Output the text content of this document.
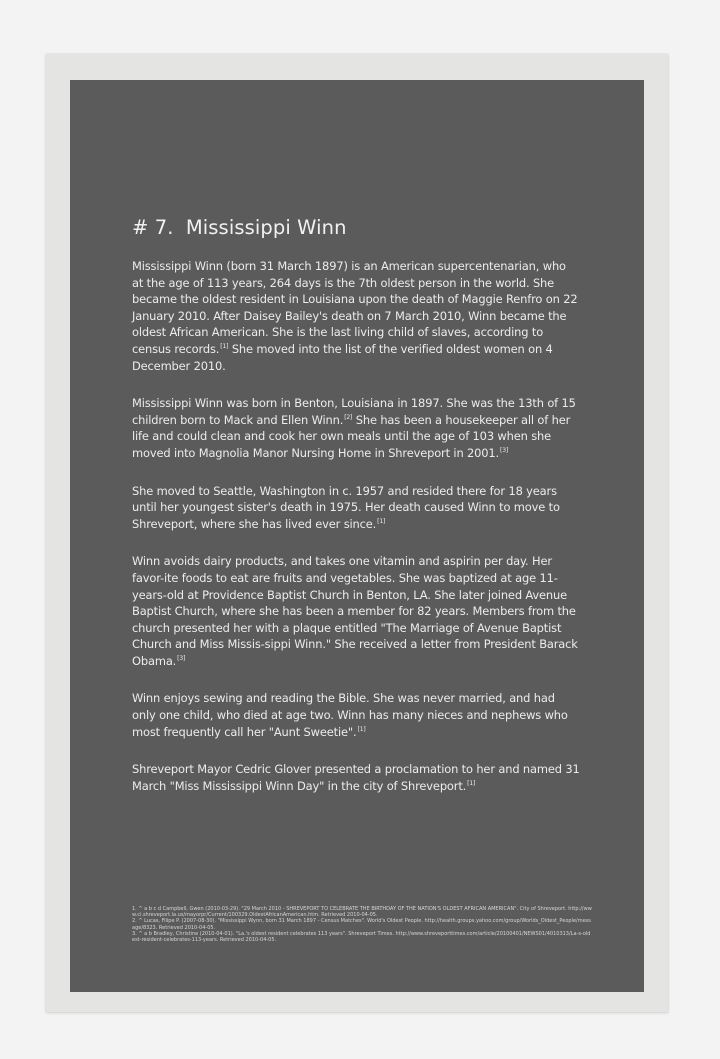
# 7. Mississippi Winn

Mississippi Winn (born 31 March 1897) is an American supercentenarian, who at the age of 113 years, 264 days is the 7th oldest person in the world. She became the oldest resident in Louisiana upon the death of Maggie Renfro on 22 January 2010. After Daisey Bailey's death on 7 March 2010, Winn became the oldest African American. She is the last living child of slaves, according to census records.[1] She moved into the list of the verified oldest women on 4 December 2010.

Mississippi Winn was born in Benton, Louisiana in 1897. She was the 13th of 15 children born to Mack and Ellen Winn.[2] She has been a housekeeper all of her life and could clean and cook her own meals until the age of 103 when she moved into Magnolia Manor Nursing Home in Shreveport in 2001.[3]

She moved to Seattle, Washington in c. 1957 and resided there for 18 years until her youngest sister's death in 1975. Her death caused Winn to move to Shreveport, where she has lived ever since.[1]

Winn avoids dairy products, and takes one vitamin and aspirin per day. Her favor-ite foods to eat are fruits and vegetables. She was baptized at age 11-years-old at Providence Baptist Church in Benton, LA. She later joined Avenue Baptist Church, where she has been a member for 82 years. Members from the church presented her with a plaque entitled "The Marriage of Avenue Baptist Church and Miss Missis-sippi Winn." She received a letter from President Barack Obama.[3]

Winn enjoys sewing and reading the Bible. She was never married, and had only one child, who died at age two. Winn has many nieces and nephews who most frequently call her "Aunt Sweetie".[1]

Shreveport Mayor Cedric Glover presented a proclamation to her and named 31 March "Miss Mississippi Winn Day" in the city of Shreveport.[1]

1. ^ a b c d Campbell, Gwen (2010-03-29). "29 March 2010 - SHREVEPORT TO CELEBRATE THE BIRTHDAY OF THE NATION'S OLDEST AFRICAN AMERICAN". City of Shreveport. http://www.ci.shreveport.la.us/mayorpr/Current/100329.OldestAfricanAmerican.htm. Retrieved 2010-04-05.
2. ^ Lucas, Filipe P. (2007-08-30). "Mississippi Wynn, born 31 March 1897 - Census Matches". World's Oldest People. http://health.groups.yahoo.com/group/Worlds_Oldest_People/message/8323. Retrieved 2010-04-05.
3. ^ a b Bradley, Christine (2010-04-01). "La.'s oldest resident celebrates 113 years". Shreveport Times. http://www.shreveporttimes.com/article/20100401/NEWS01/4010313/La-s-oldest-resident-celebrates-113-years. Retrieved 2010-04-05.
